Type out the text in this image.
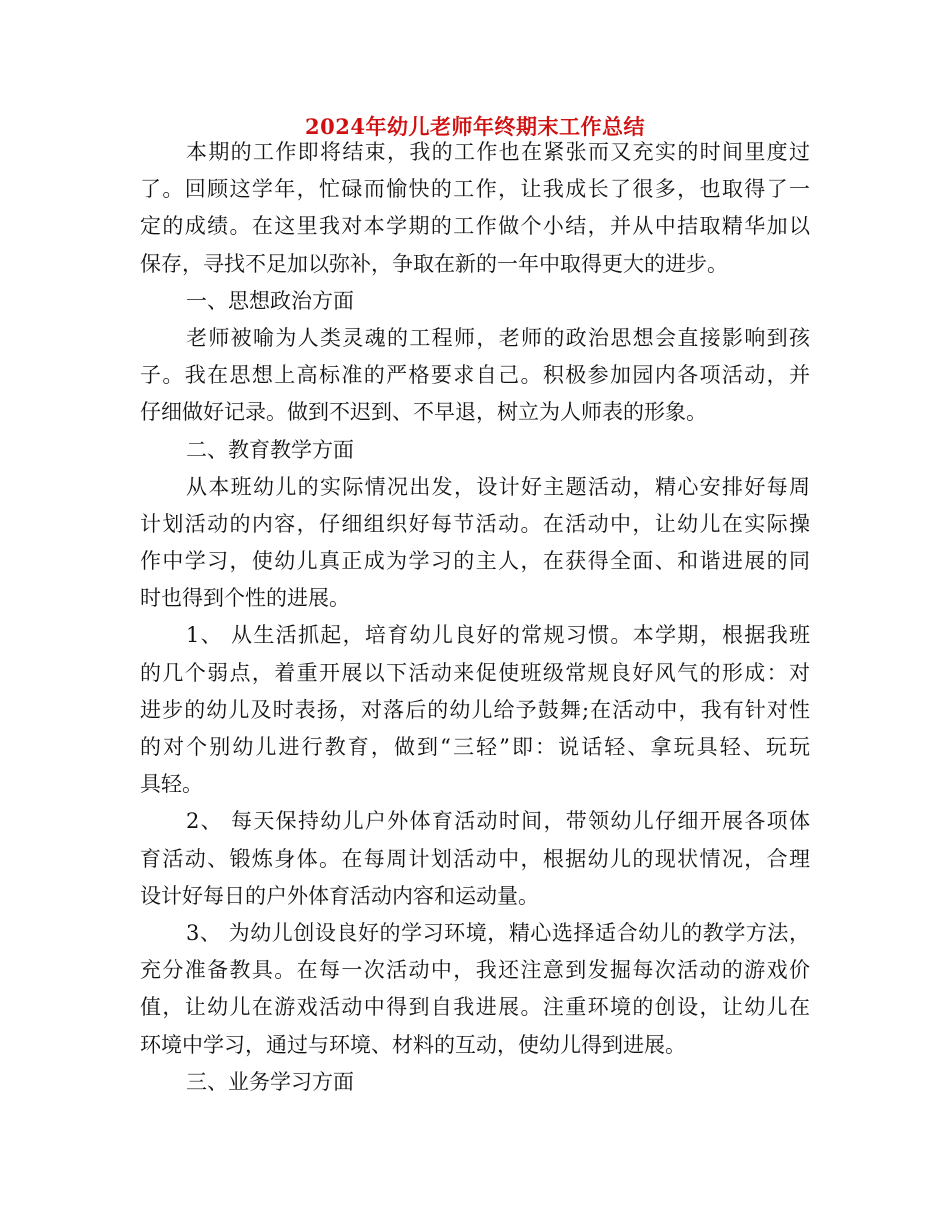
2024年幼儿老师年终期末工作总结
本期的工作即将结束，我的工作也在紧张而又充实的时间里度过
了。回顾这学年，忙碌而愉快的工作，让我成长了很多，也取得了一
定的成绩。在这里我对本学期的工作做个小结，并从中拮取精华加以
保存，寻找不足加以弥补，争取在新的一年中取得更大的进步。
一、思想政治方面
老师被喻为人类灵魂的工程师，老师的政治思想会直接影响到孩
子。我在思想上高标准的严格要求自己。积极参加园内各项活动，并
仔细做好记录。做到不迟到、不早退，树立为人师表的形象。
二、教育教学方面
从本班幼儿的实际情况出发，设计好主题活动，精心安排好每周
计划活动的内容，仔细组织好每节活动。在活动中，让幼儿在实际操
作中学习，使幼儿真正成为学习的主人，在获得全面、和谐进展的同
时也得到个性的进展。
1、 从生活抓起，培育幼儿良好的常规习惯。本学期，根据我班
的几个弱点，着重开展以下活动来促使班级常规良好风气的形成：对
进步的幼儿及时表扬，对落后的幼儿给予鼓舞;在活动中，我有针对性
的对个别幼儿进行教育，做到“三轻”即：说话轻、拿玩具轻、玩玩
具轻。
2、 每天保持幼儿户外体育活动时间，带领幼儿仔细开展各项体
育活动、锻炼身体。在每周计划活动中，根据幼儿的现状情况，合理
设计好每日的户外体育活动内容和运动量。
3、 为幼儿创设良好的学习环境，精心选择适合幼儿的教学方法，
充分准备教具。在每一次活动中，我还注意到发掘每次活动的游戏价
值，让幼儿在游戏活动中得到自我进展。注重环境的创设，让幼儿在
环境中学习，通过与环境、材料的互动，使幼儿得到进展。
三、业务学习方面
